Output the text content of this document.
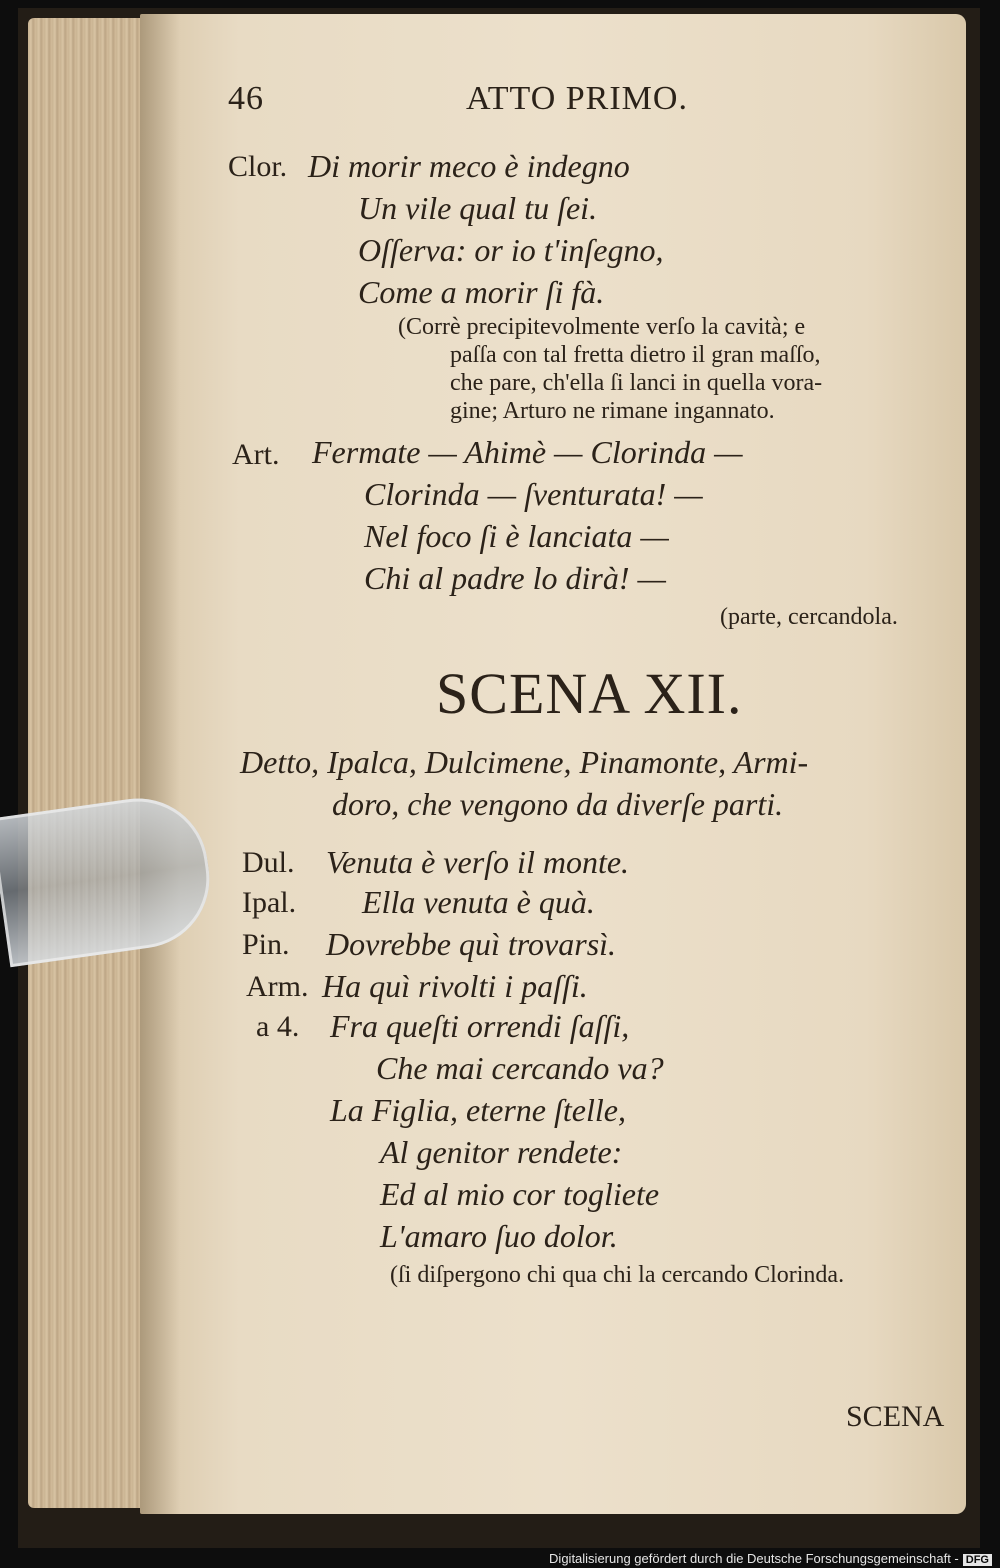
46	ATTO PRIMO.

Clor. Di morir meco è indegno

Un vile qual tu ſei.

Oſſerva: or io t'inſegno,

Come a morir ſi fà.

(Corrè precipitevolmente verſo la cavità; e

paſſa con tal fretta dietro il gran maſſo,

che pare, ch'ella ſi lanci in quella vora-

gine; Arturo ne rimane ingannato.

Art. Fermate — Ahimè — Clorinda —

Clorinda — ſventurata! —

Nel foco ſi è lanciata —

Chi al padre lo dirà! —

(parte, cercandola.

SCENA XII.

Detto, Ipalca, Dulcimene, Pinamonte, Armi-

doro, che vengono da diverſe parti.

Dul. Venuta è verſo il monte.

Ipal. Ella venuta è quà.

Pin. Dovrebbe quì trovarsì.

Arm. Ha quì rivolti i paſſi.

a 4. Fra queſti orrendi ſaſſi,

Che mai cercando va?

La Figlia, eterne ſtelle,

Al genitor rendete:

Ed al mio cor togliete

L'amaro ſuo dolor.

(ſi diſpergono chi qua chi la cercando Clorinda.

SCENA

Digitalisierung gefördert durch die Deutsche Forschungsgemeinschaft - DFG
